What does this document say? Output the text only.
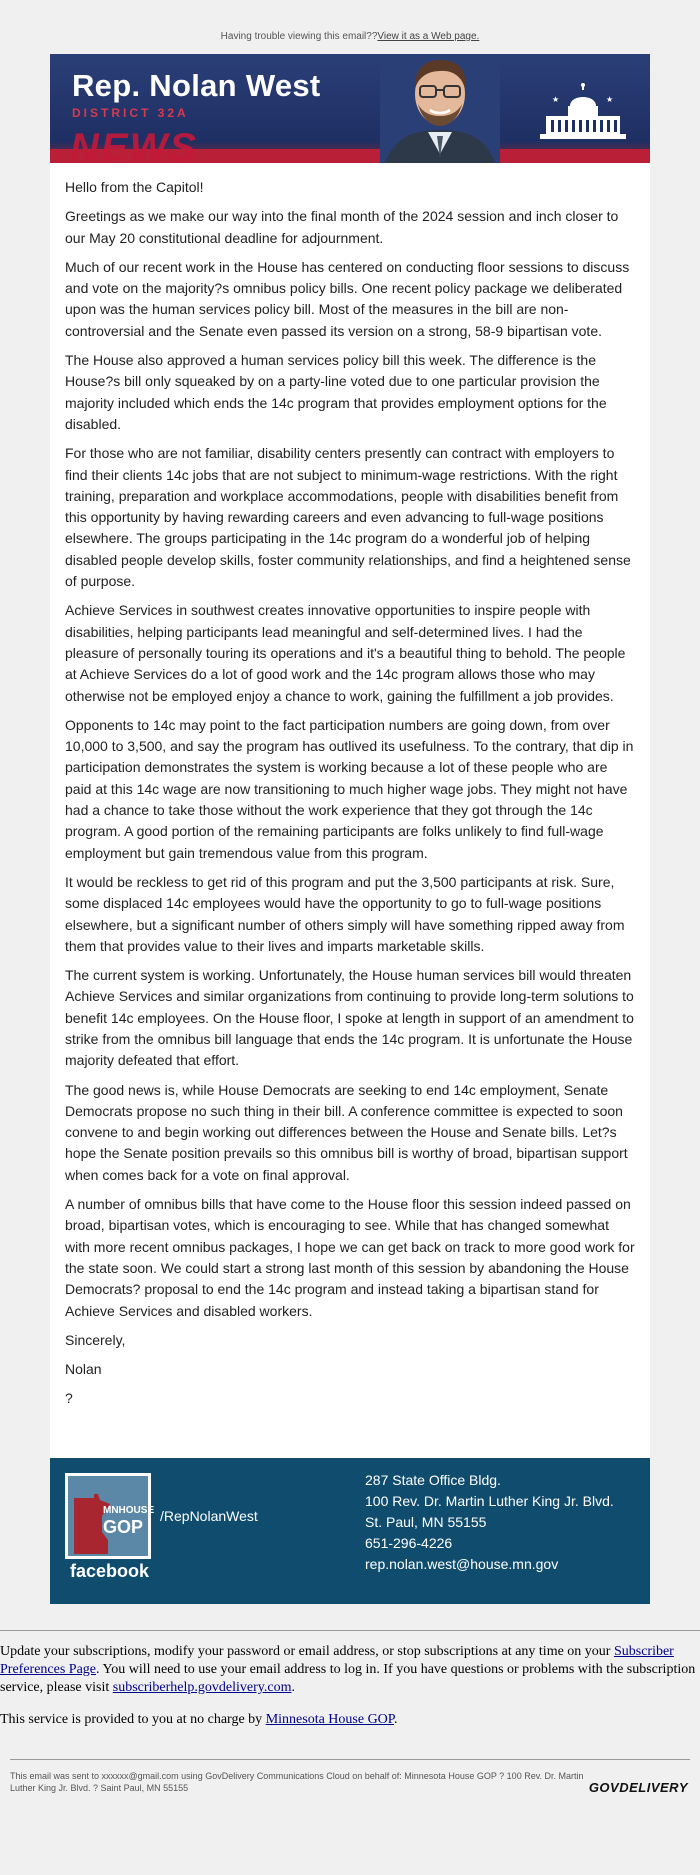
Having trouble viewing this email??View it as a Web page.
Rep. Nolan West
DISTRICT 32A
NEWS
★	★

Hello from the Capitol!

Greetings as we make our way into the final month of the 2024 session and inch closer to our May 20 constitutional deadline for adjournment.

Much of our recent work in the House has centered on conducting floor sessions to discuss and vote on the majority?s omnibus policy bills. One recent policy package we deliberated upon was the human services policy bill. Most of the measures in the bill are non-controversial and the Senate even passed its version on a strong, 58-9 bipartisan vote.

The House also approved a human services policy bill this week. The difference is the House?s bill only squeaked by on a party-line voted due to one particular provision the majority included which ends the 14c program that provides employment options for the disabled.

For those who are not familiar, disability centers presently can contract with employers to find their clients 14c jobs that are not subject to minimum-wage restrictions. With the right training, preparation and workplace accommodations, people with disabilities benefit from this opportunity by having rewarding careers and even advancing to full-wage positions elsewhere. The groups participating in the 14c program do a wonderful job of helping disabled people develop skills, foster community relationships, and find a heightened sense of purpose.

Achieve Services in southwest creates innovative opportunities to inspire people with disabilities, helping participants lead meaningful and self-determined lives. I had the pleasure of personally touring its operations and it's a beautiful thing to behold. The people at Achieve Services do a lot of good work and the 14c program allows those who may otherwise not be employed enjoy a chance to work, gaining the fulfillment a job provides.

Opponents to 14c may point to the fact participation numbers are going down, from over 10,000 to 3,500, and say the program has outlived its usefulness. To the contrary, that dip in participation demonstrates the system is working because a lot of these people who are paid at this 14c wage are now transitioning to much higher wage jobs. They might not have had a chance to take those without the work experience that they got through the 14c program. A good portion of the remaining participants are folks unlikely to find full-wage employment but gain tremendous value from this program.

It would be reckless to get rid of this program and put the 3,500 participants at risk. Sure, some displaced 14c employees would have the opportunity to go to full-wage positions elsewhere, but a significant number of others simply will have something ripped away from them that provides value to their lives and imparts marketable skills.

The current system is working. Unfortunately, the House human services bill would threaten Achieve Services and similar organizations from continuing to provide long-term solutions to benefit 14c employees. On the House floor, I spoke at length in support of an amendment to strike from the omnibus bill language that ends the 14c program. It is unfortunate the House majority defeated that effort.

The good news is, while House Democrats are seeking to end 14c employment, Senate Democrats propose no such thing in their bill. A conference committee is expected to soon convene to and begin working out differences between the House and Senate bills. Let?s hope the Senate position prevails so this omnibus bill is worthy of broad, bipartisan support when comes back for a vote on final approval.

A number of omnibus bills that have come to the House floor this session indeed passed on broad, bipartisan votes, which is encouraging to see. While that has changed somewhat with more recent omnibus packages, I hope we can get back on track to more good work for the state soon. We could start a strong last month of this session by abandoning the House Democrats? proposal to end the 14c program and instead taking a bipartisan stand for Achieve Services and disabled workers.

Sincerely,

Nolan

?

MNHOUSE
GOP
facebook
/RepNolanWest
287 State Office Bldg.
100 Rev. Dr. Martin Luther King Jr. Blvd.
St. Paul, MN 55155
651-296-4226
rep.nolan.west@house.mn.gov

Update your subscriptions, modify your password or email address, or stop subscriptions at any time on your Subscriber Preferences Page. You will need to use your email address to log in. If you have questions or problems with the subscription service, please visit subscriberhelp.govdelivery.com.

This service is provided to you at no charge by Minnesota House GOP.

This email was sent to xxxxxx@gmail.com using GovDelivery Communications Cloud on behalf of: Minnesota House GOP ? 100 Rev. Dr. Martin Luther King Jr. Blvd. ? Saint Paul, MN 55155	GOVDELIVERY
